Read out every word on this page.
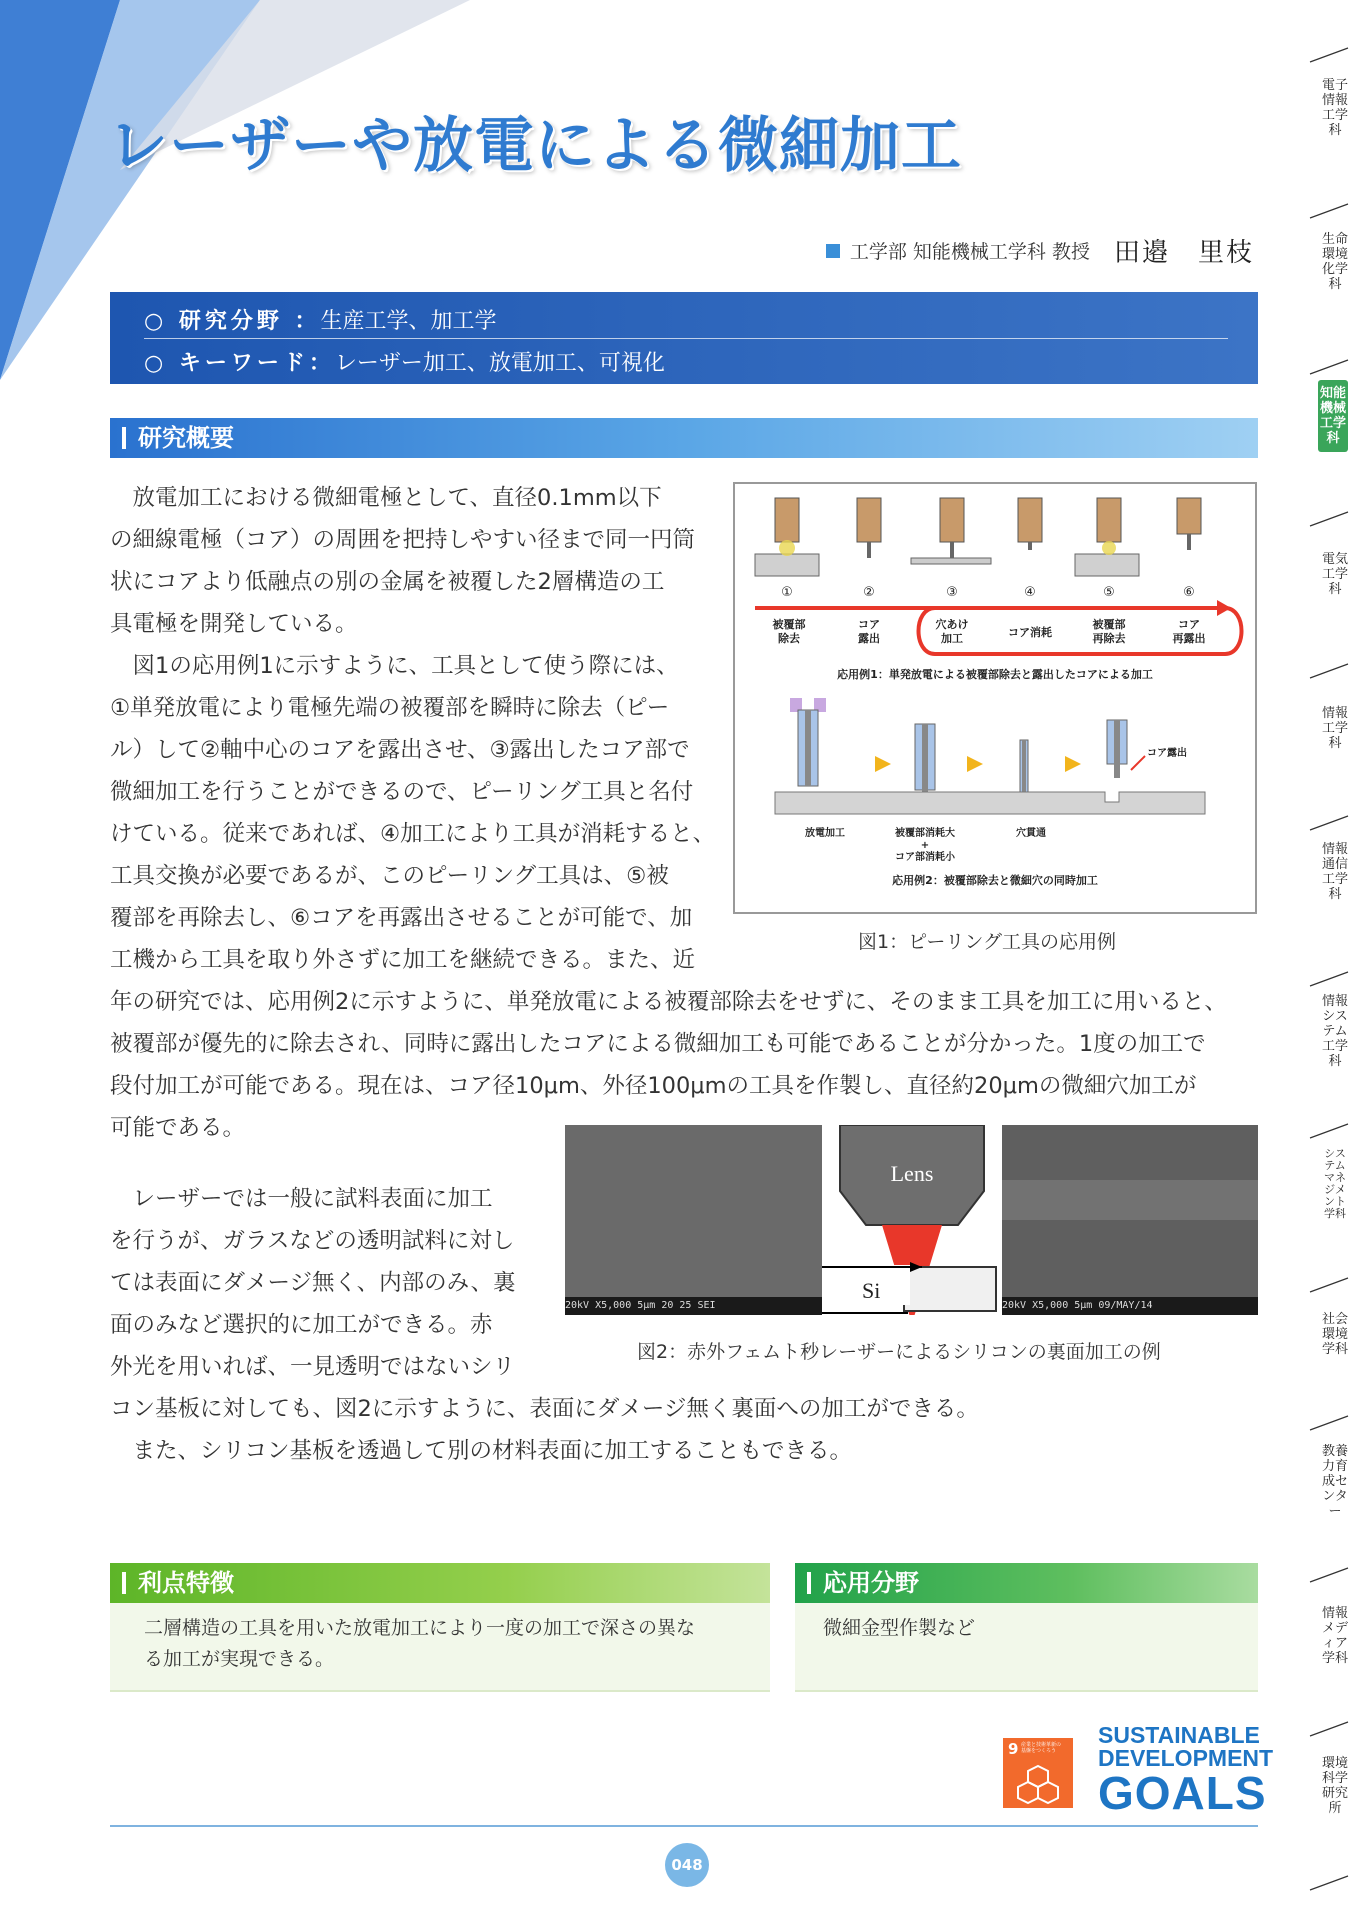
レーザーや放電による微細加工
工学部 知能機械工学科 教授 田邉　里枝
○ 研究分野 ：生産工学、加工学
○ キーワード：レーザー加工、放電加工、可視化
研究概要

　放電加工における微細電極として、直径0.1mm以下

の細線電極（コア）の周囲を把持しやすい径まで同一円筒

状にコアより低融点の別の金属を被覆した2層構造の工

具電極を開発している。

　図1の応用例1に示すように、工具として使う際には、

①単発放電により電極先端の被覆部を瞬時に除去（ピー

ル）して②軸中心のコアを露出させ、③露出したコア部で

微細加工を行うことができるので、ピーリング工具と名付

けている。従来であれば、④加工により工具が消耗すると、

工具交換が必要であるが、このピーリング工具は、⑤被

覆部を再除去し、⑥コアを再露出させることが可能で、加

工機から工具を取り外さずに加工を継続できる。また、近

年の研究では、応用例2に示すように、単発放電による被覆部除去をせずに、そのまま工具を加工に用いると、

被覆部が優先的に除去され、同時に露出したコアによる微細加工も可能であることが分かった。1度の加工で

段付加工が可能である。現在は、コア径10μm、外径100μmの工具を作製し、直径約20μmの微細穴加工が

可能である。

①	②	③	④	⑤	⑥
被覆部除去
コア露出
穴あけ加工	コア消耗
被覆部再除去
コア再露出
応用例1：単発放電による被覆部除去と露出したコアによる加工
コア露出
放電加工	被覆部消耗大
+
コア部消耗小
穴貫通
応用例2：被覆部除去と微細穴の同時加工
図1：ピーリング工具の応用例
20kV X5,000 5μm 20 25 SEI
Lens
Si
20kV X5,000 5μm 09/MAY/14
図2：赤外フェムト秒レーザーによるシリコンの裏面加工の例

　レーザーでは一般に試料表面に加工

を行うが、ガラスなどの透明試料に対し

ては表面にダメージ無く、内部のみ、裏

面のみなど選択的に加工ができる。赤

外光を用いれば、一見透明ではないシリ

コン基板に対しても、図2に示すように、表面にダメージ無く裏面への加工ができる。

　また、シリコン基板を透過して別の材料表面に加工することもできる。

利点特徴
二層構造の工具を用いた放電加工により一度の加工で深さの異な
る加工が実現できる。
応用分野
微細金型作製など
9 産業と技術革新の
基盤をつくろう
SUSTAINABLE
DEVELOPMENT
GOALS
048
電子情報工学科
生命環境化学科
知能機械工学科
電気工学科
情報工学科
情報通信工学科
情報システム工学科
システムマネジメント学科
社会環境学科
教養力育成センター
情報メディア学科
環境科学研究所
